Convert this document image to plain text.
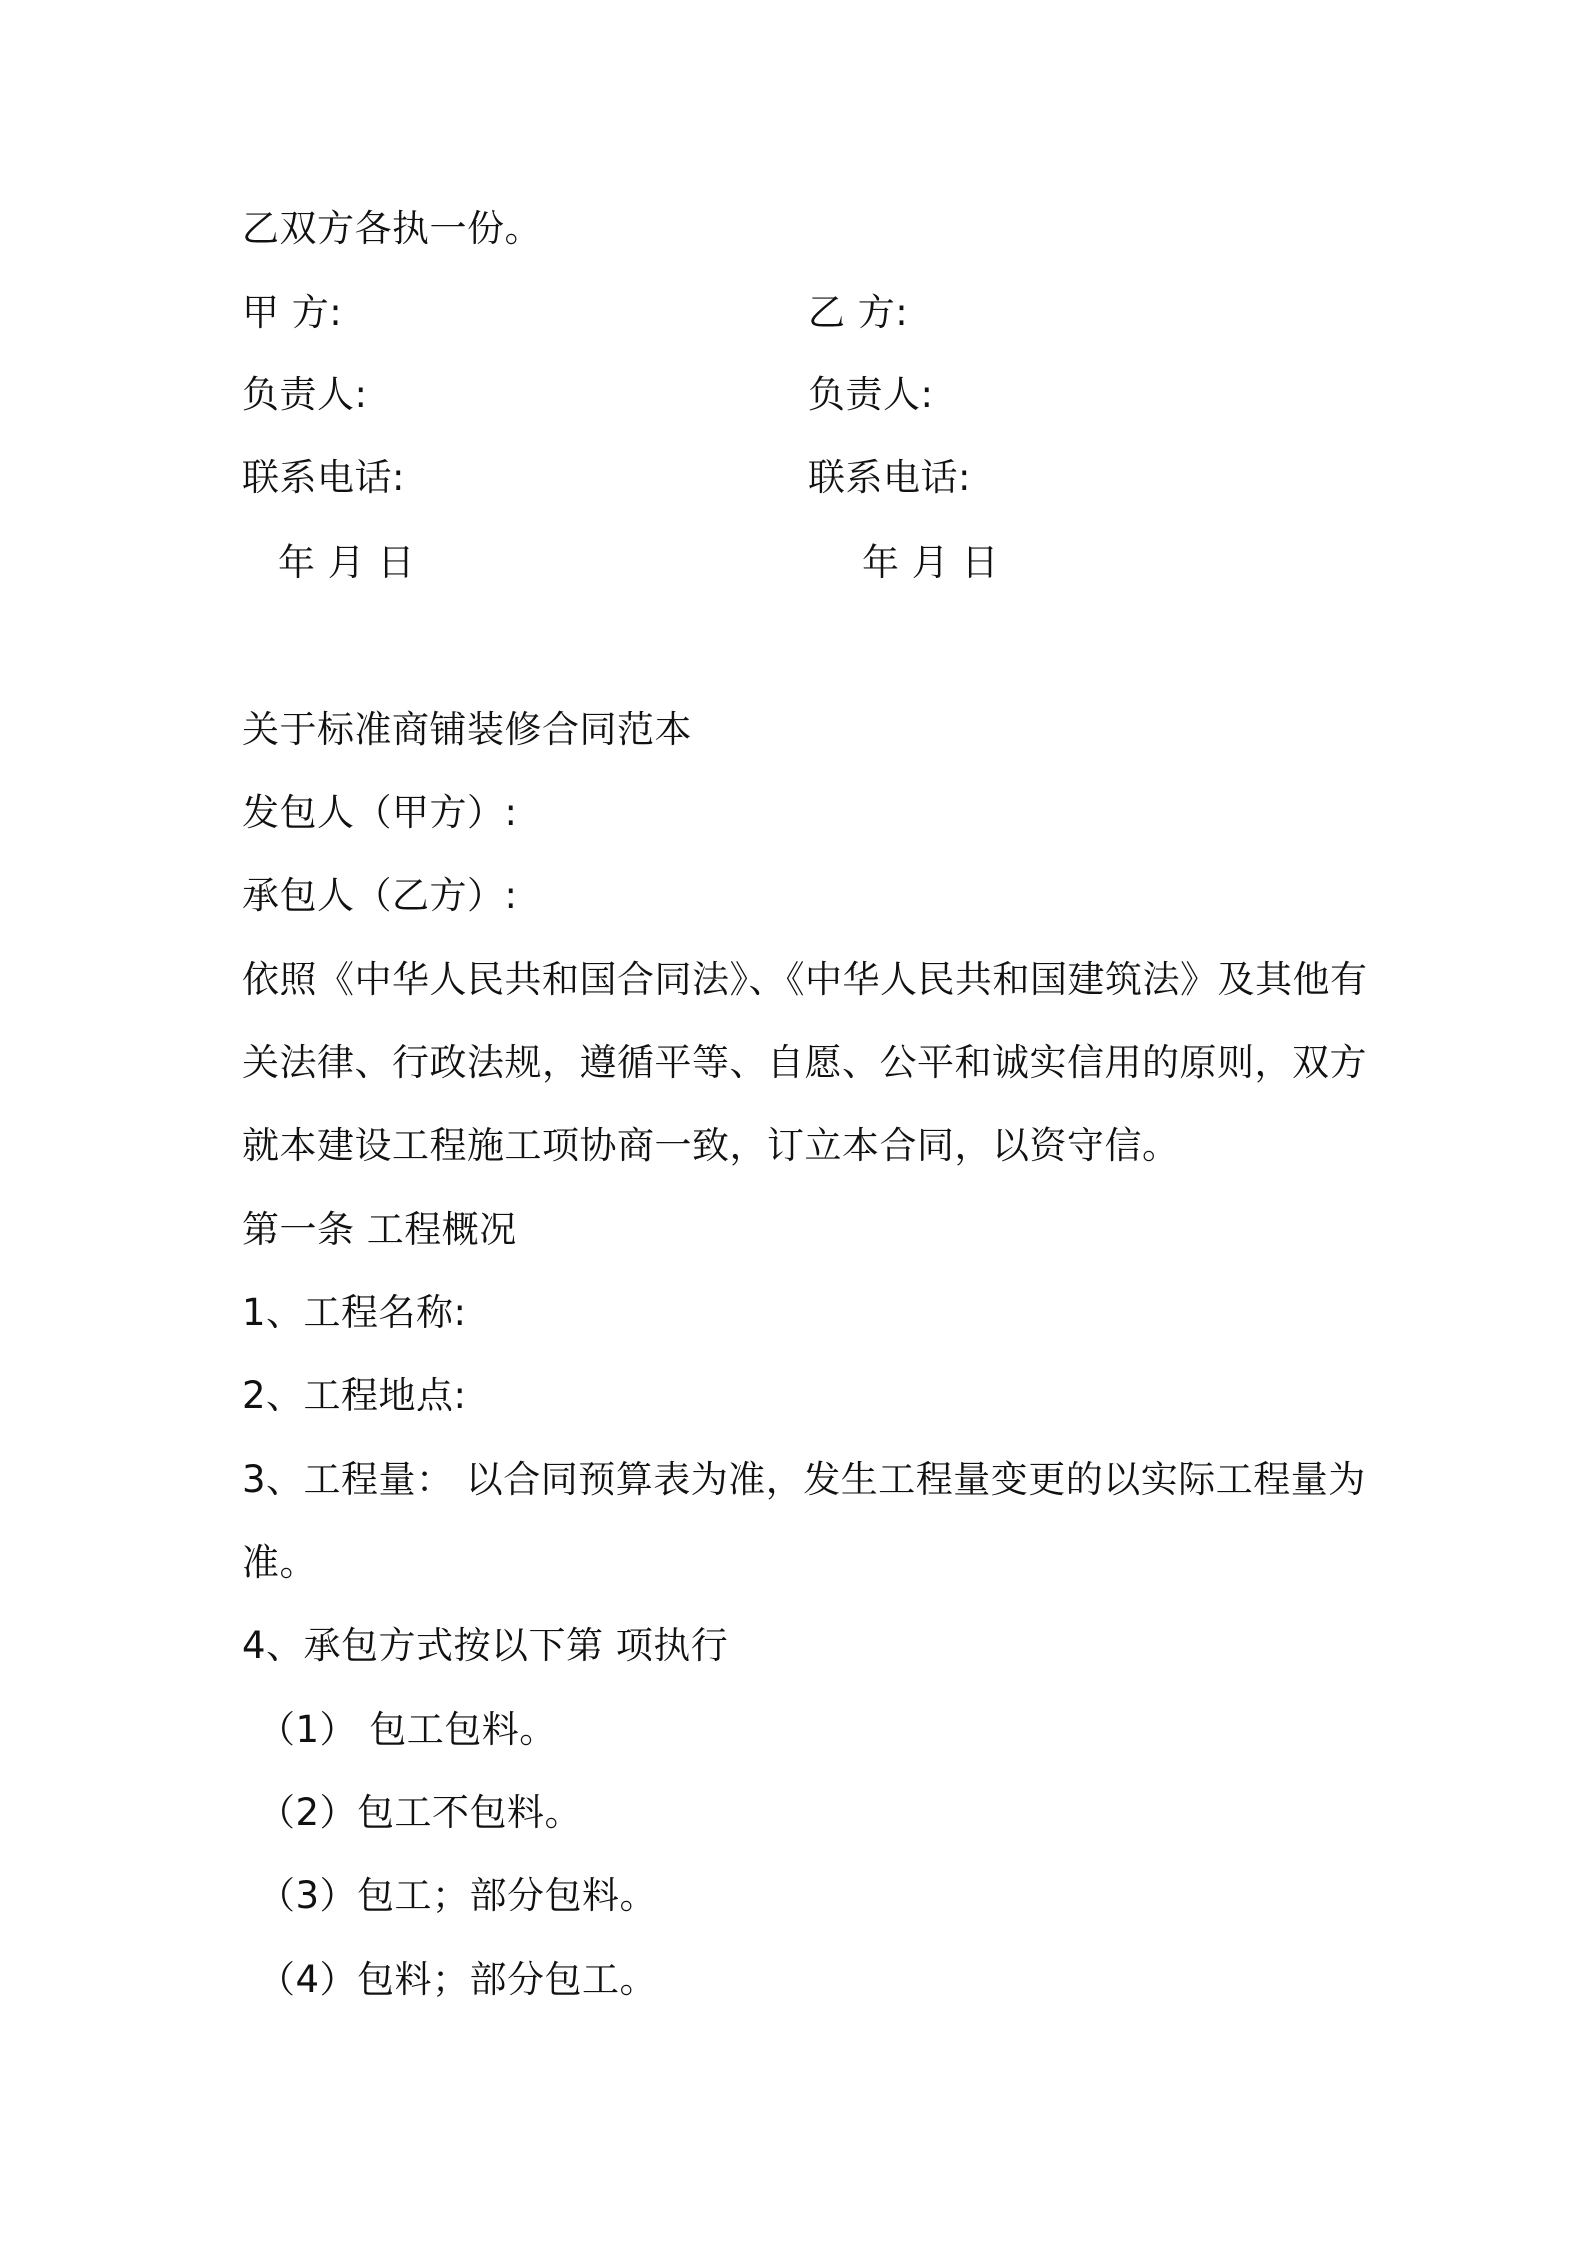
乙双方各执一份。
甲 方:	乙 方:
负责人:	负责人:
联系电话:	联系电话:
年 月 日	年 月 日
关于标准商铺装修合同范本
发包人（甲方）:
承包人（乙方）:
依照《中华人民共和国合同法》、《中华人民共和国建筑法》及其他有
关法律、行政法规，遵循平等、自愿、公平和诚实信用的原则，双方
就本建设工程施工项协商一致，订立本合同，以资守信。
第一条 工程概况
1、工程名称:
2、工程地点:
3、工程量： 以合同预算表为准，发生工程量变更的以实际工程量为
准。
4、承包方式按以下第 项执行
（1） 包工包料。
（2）包工不包料。
（3）包工；部分包料。
（4）包料；部分包工。
